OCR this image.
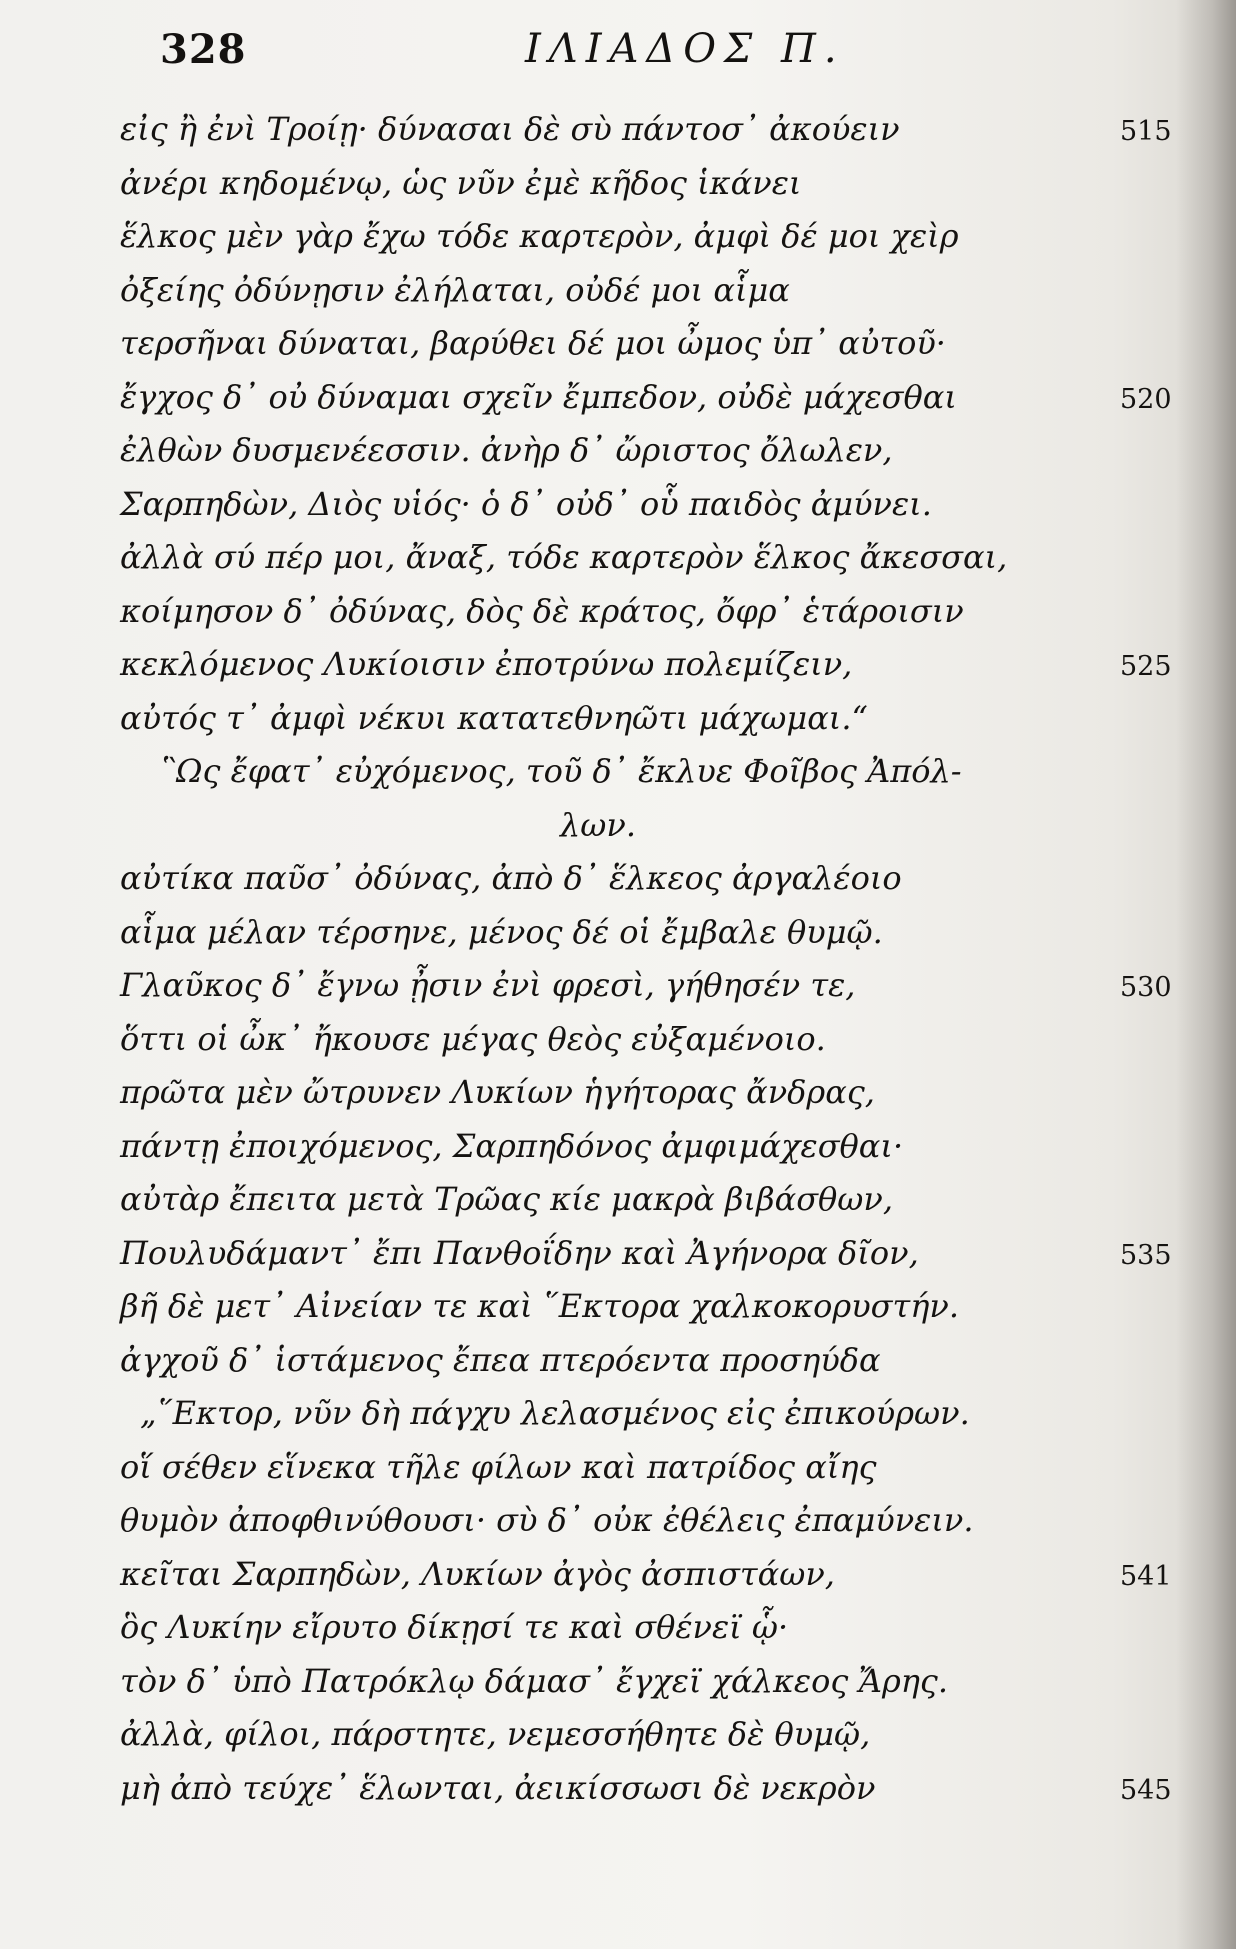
328	ΙΛΙΑΔΟΣ Π.
εἰς ἢ ἐνὶ Τροίῃ· δύνασαι δὲ σὺ πάντοσ᾽ ἀκούειν	515
ἀνέρι κηδομένῳ, ὡς νῦν ἐμὲ κῆδος ἱκάνει
ἕλκος μὲν γὰρ ἔχω τόδε καρτερὸν, ἀμφὶ δέ μοι χεὶρ
ὀξείης ὀδύνῃσιν ἐλήλαται, οὐδέ μοι αἷμα
τερσῆναι δύναται, βαρύθει δέ μοι ὦμος ὑπ᾽ αὐτοῦ·
ἔγχος δ᾽ οὐ δύναμαι σχεῖν ἔμπεδον, οὐδὲ μάχεσθαι	520
ἐλθὼν δυσμενέεσσιν. ἀνὴρ δ᾽ ὤριστος ὄλωλεν,
Σαρπηδὼν, Διὸς υἱός· ὁ δ᾽ οὐδ᾽ οὗ παιδὸς ἀμύνει.
ἀλλὰ σύ πέρ μοι, ἄναξ, τόδε καρτερὸν ἕλκος ἄκεσσαι,
κοίμησον δ᾽ ὀδύνας, δὸς δὲ κράτος, ὄφρ᾽ ἑτάροισιν
κεκλόμενος Λυκίοισιν ἐποτρύνω πολεμίζειν,	525
αὐτός τ᾽ ἀμφὶ νέκυι κατατεθνηῶτι μάχωμαι.“
῝Ως ἔφατ᾽ εὐχόμενος, τοῦ δ᾽ ἔκλυε Φοῖβος Ἀπόλ-
λων.
αὐτίκα παῦσ᾽ ὀδύνας, ἀπὸ δ᾽ ἕλκεος ἀργαλέοιο
αἷμα μέλαν τέρσηνε, μένος δέ οἱ ἔμβαλε θυμῷ.
Γλαῦκος δ᾽ ἔγνω ᾖσιν ἐνὶ φρεσὶ, γήθησέν τε,	530
ὅττι οἱ ὦκ᾽ ἤκουσε μέγας θεὸς εὐξαμένοιο.
πρῶτα μὲν ὤτρυνεν Λυκίων ἡγήτορας ἄνδρας,
πάντῃ ἐποιχόμενος, Σαρπηδόνος ἀμφιμάχεσθαι·
αὐτὰρ ἔπειτα μετὰ Τρῶας κίε μακρὰ βιβάσθων,
Πουλυδάμαντ᾽ ἔπι Πανθοΐδην καὶ Ἀγήνορα δῖον,	535
βῆ δὲ μετ᾽ Αἰνείαν τε καὶ ῞Εκτορα χαλκοκορυστήν.
ἀγχοῦ δ᾽ ἱστάμενος ἔπεα πτερόεντα προσηύδα
„῞Εκτορ, νῦν δὴ πάγχυ λελασμένος εἰς ἐπικούρων.
οἵ σέθεν εἵνεκα τῆλε φίλων καὶ πατρίδος αἴης
θυμὸν ἀποφθινύθουσι· σὺ δ᾽ οὐκ ἐθέλεις ἐπαμύνειν.
κεῖται Σαρπηδὼν, Λυκίων ἀγὸς ἀσπιστάων,	541
ὃς Λυκίην εἴρυτο δίκῃσί τε καὶ σθένεϊ ᾧ·
τὸν δ᾽ ὑπὸ Πατρόκλῳ δάμασ᾽ ἔγχεϊ χάλκεος Ἄρης.
ἀλλὰ, φίλοι, πάρστητε, νεμεσσήθητε δὲ θυμῷ,
μὴ ἀπὸ τεύχε᾽ ἕλωνται, ἀεικίσσωσι δὲ νεκρὸν	545
